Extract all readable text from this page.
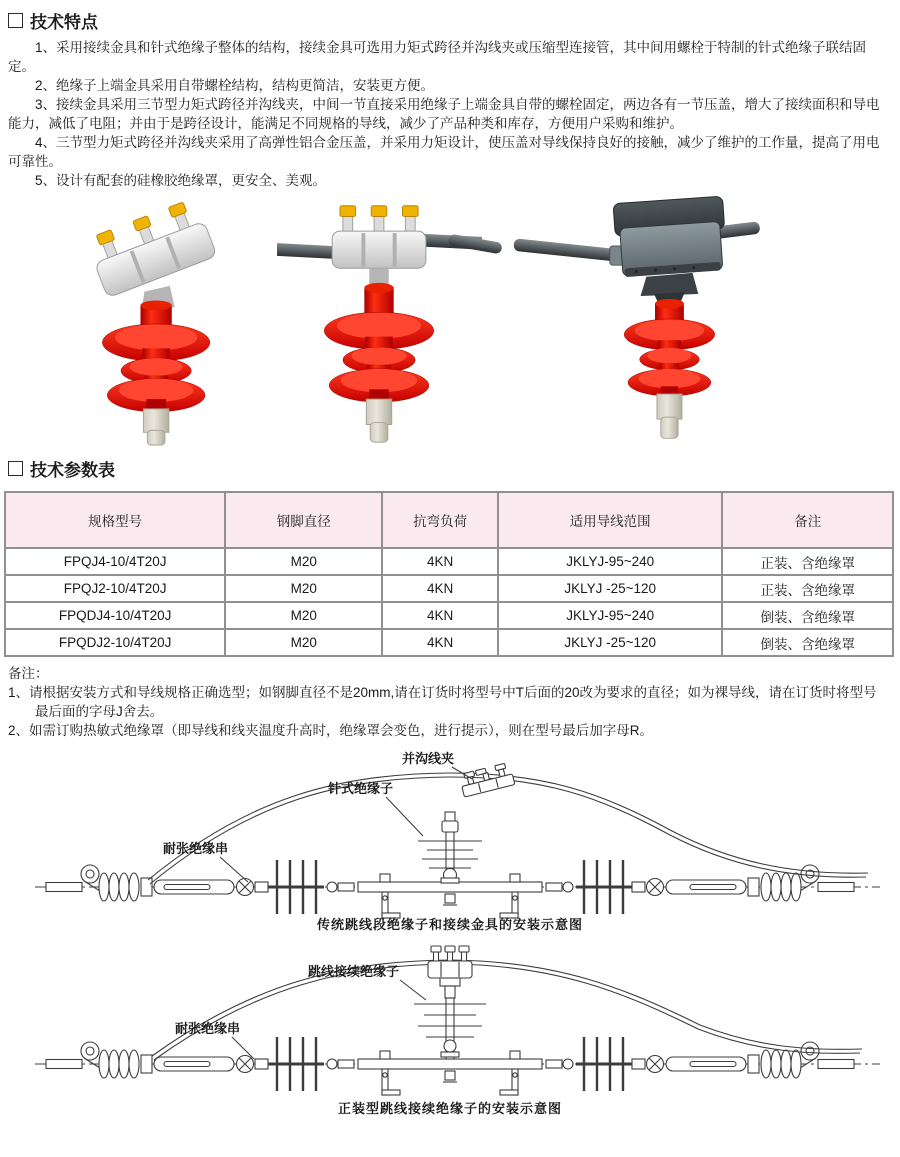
技术特点

1、采用接续金具和针式绝缘子整体的结构，接续金具可选用力矩式跨径并沟线夹或压缩型连接管，其中间用螺栓于特制的针式绝缘子联结固定。

2、绝缘子上端金具采用自带螺栓结构，结构更简洁，安装更方便。

3、接续金具采用三节型力矩式跨径并沟线夹，中间一节直接采用绝缘子上端金具自带的螺栓固定，两边各有一节压盖，增大了接续面积和导电能力，减低了电阻；并由于是跨径设计，能满足不同规格的导线，减少了产品种类和库存，方便用户采购和维护。

4、三节型力矩式跨径并沟线夹采用了高弹性铝合金压盖，并采用力矩设计，使压盖对导线保持良好的接触，减少了维护的工作量，提高了用电可靠性。

5、设计有配套的硅橡胶绝缘罩，更安全、美观。

技术参数表
规格型号	钢脚直径	抗弯负荷	适用导线范围	备注
FPQJ4-10/4T20J	M20	4KN	JKLYJ-95~240	正装、含绝缘罩
FPQJ2-10/4T20J	M20	4KN	JKLYJ -25~120	正装、含绝缘罩
FPQDJ4-10/4T20J	M20	4KN	JKLYJ-95~240	倒装、含绝缘罩
FPQDJ2-10/4T20J	M20	4KN	JKLYJ -25~120	倒装、含绝缘罩

备注：

1、请根据安装方式和导线规格正确选型；如钢脚直径不是20mm,请在订货时将型号中T后面的20改为要求的直径；如为裸导线，请在订货时将型号最后面的字母J舍去。

2、如需订购热敏式绝缘罩（即导线和线夹温度升高时，绝缘罩会变色，进行提示），则在型号最后加字母R。

并沟线夹
针式绝缘子
耐张绝缘串
传统跳线段绝缘子和接续金具的安装示意图
跳线接续绝缘子
耐张绝缘串
正装型跳线接续绝缘子的安装示意图
